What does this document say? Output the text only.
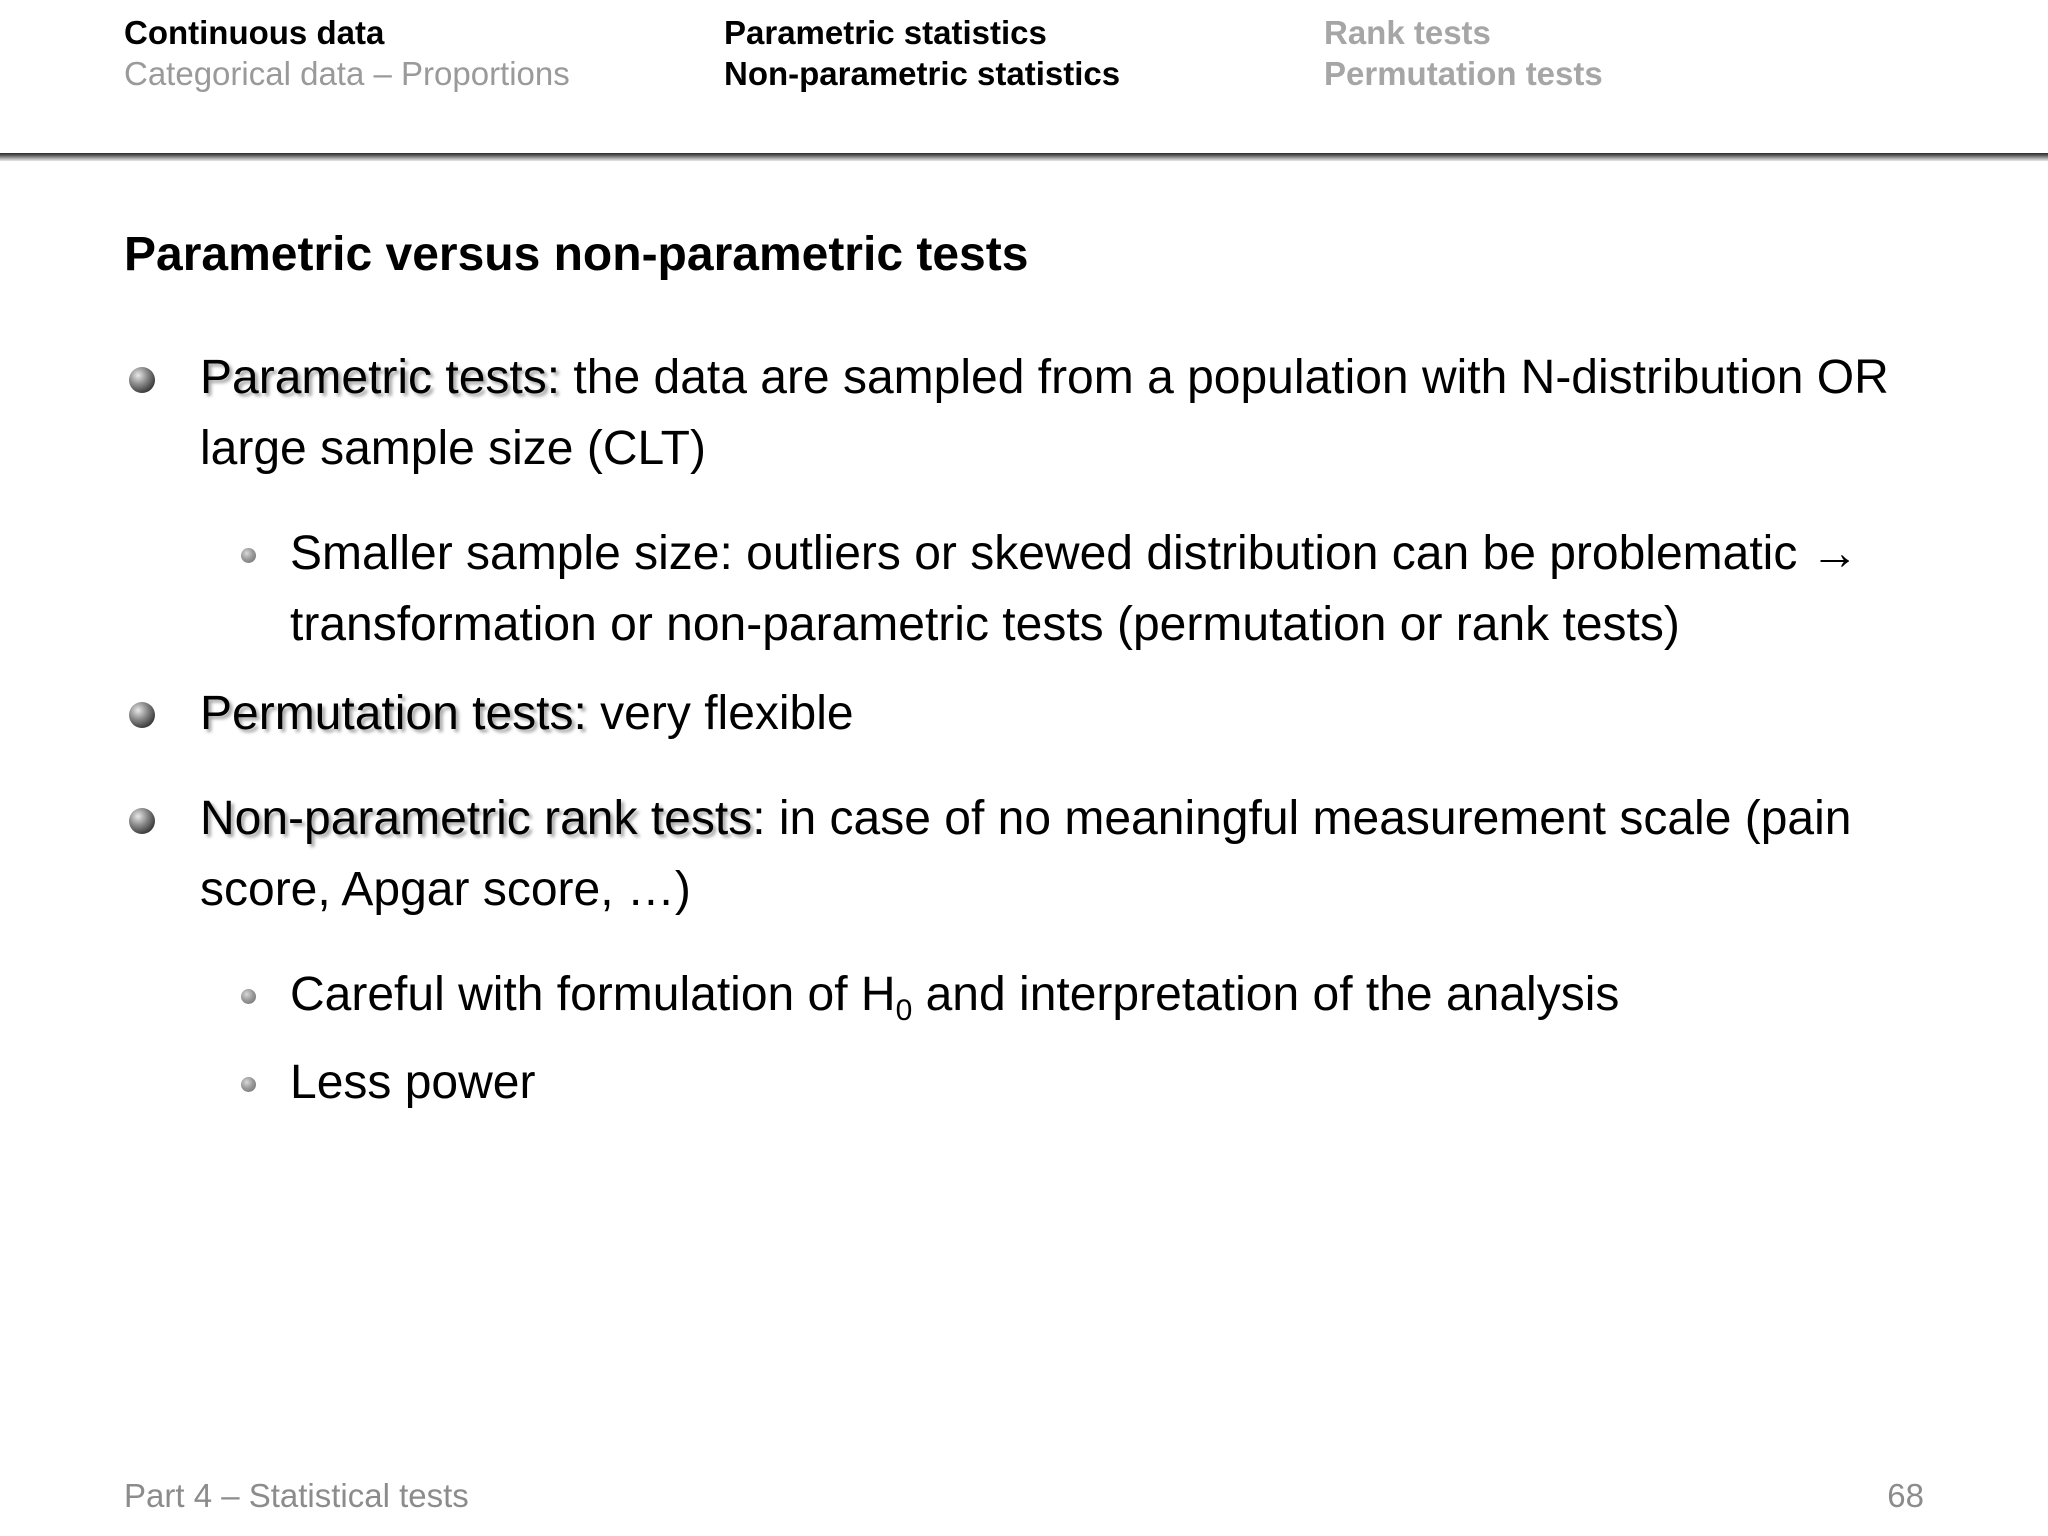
Continuous data
Categorical data – Proportions
Parametric statistics
Non-parametric statistics
Rank tests
Permutation tests
Parametric versus non-parametric tests
Parametric tests: the data are sampled from a population with N-distribution OR large sample size (CLT)
Smaller sample size: outliers or skewed distribution can be problematic → transformation or non-parametric tests (permutation or rank tests)
Permutation tests: very flexible
Non-parametric rank tests: in case of no meaningful measurement scale (pain score, Apgar score, …)
Careful with formulation of $H_0$ and interpretation of the analysis
Less power
Part 4 – Statistical tests	68
